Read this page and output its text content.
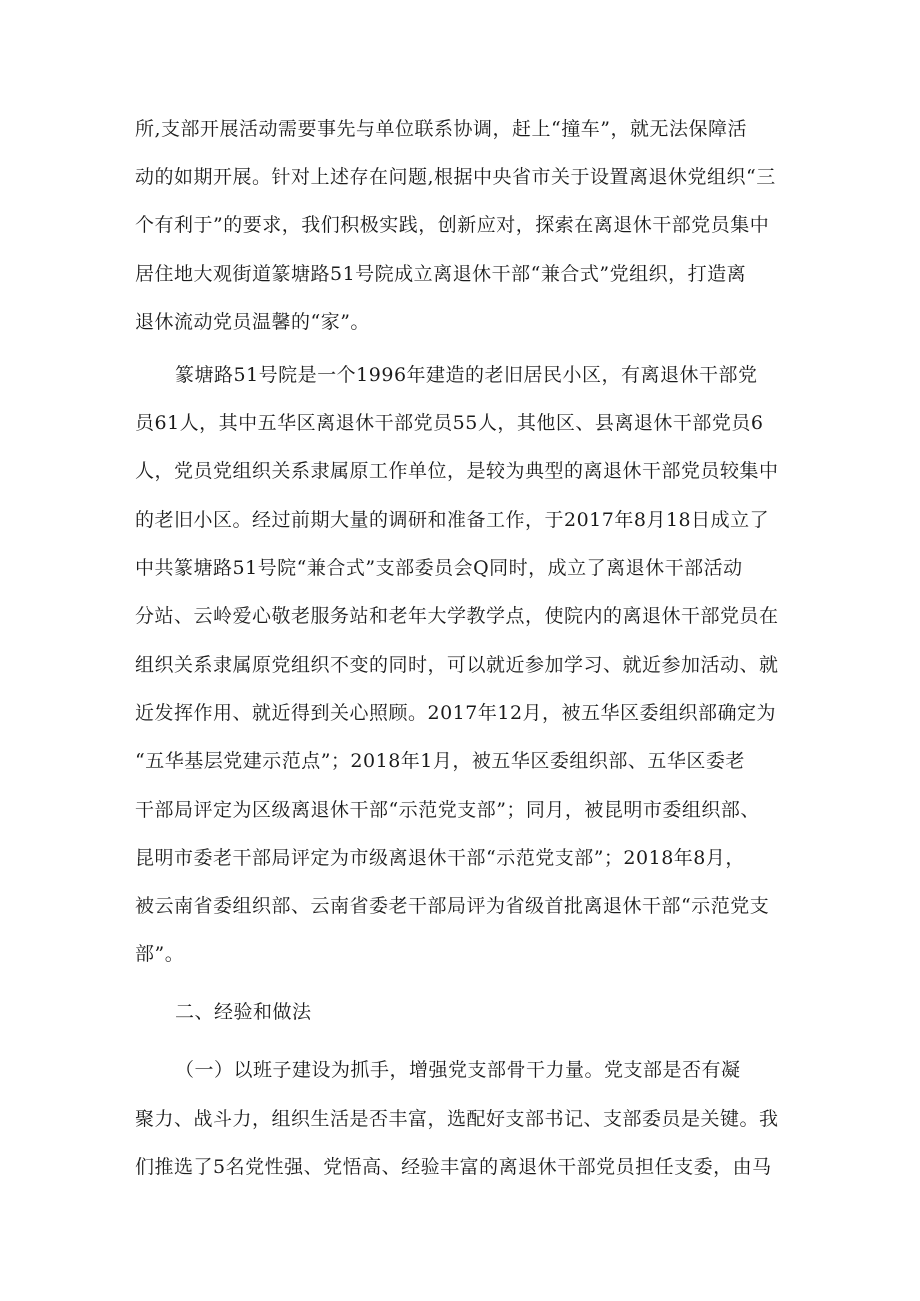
所,支部开展活动需要事先与单位联系协调，赶上“撞车”，就无法保障活
动的如期开展。针对上述存在问题,根据中央省市关于设置离退休党组织“三
个有利于”的要求，我们积极实践，创新应对，探索在离退休干部党员集中
居住地大观街道篆塘路51号院成立离退休干部“兼合式”党组织，打造离
退休流动党员温馨的“家”。
篆塘路51号院是一个1996年建造的老旧居民小区，有离退休干部党
员61人，其中五华区离退休干部党员55人，其他区、县离退休干部党员6
人，党员党组织关系隶属原工作单位，是较为典型的离退休干部党员较集中
的老旧小区。经过前期大量的调研和准备工作，于2017年8月18日成立了
中共篆塘路51号院“兼合式”支部委员会Q同时，成立了离退休干部活动
分站、云岭爱心敬老服务站和老年大学教学点，使院内的离退休干部党员在
组织关系隶属原党组织不变的同时，可以就近参加学习、就近参加活动、就
近发挥作用、就近得到关心照顾。2017年12月，被五华区委组织部确定为
“五华基层党建示范点”；2018年1月，被五华区委组织部、五华区委老
干部局评定为区级离退休干部“示范党支部”；同月，被昆明市委组织部、
昆明市委老干部局评定为市级离退休干部“示范党支部”；2018年8月，
被云南省委组织部、云南省委老干部局评为省级首批离退休干部“示范党支
部”。
二、经验和做法
（一）以班子建设为抓手，增强党支部骨干力量。党支部是否有凝
聚力、战斗力，组织生活是否丰富，选配好支部书记、支部委员是关键。我
们推选了5名党性强、党悟高、经验丰富的离退休干部党员担任支委，由马
